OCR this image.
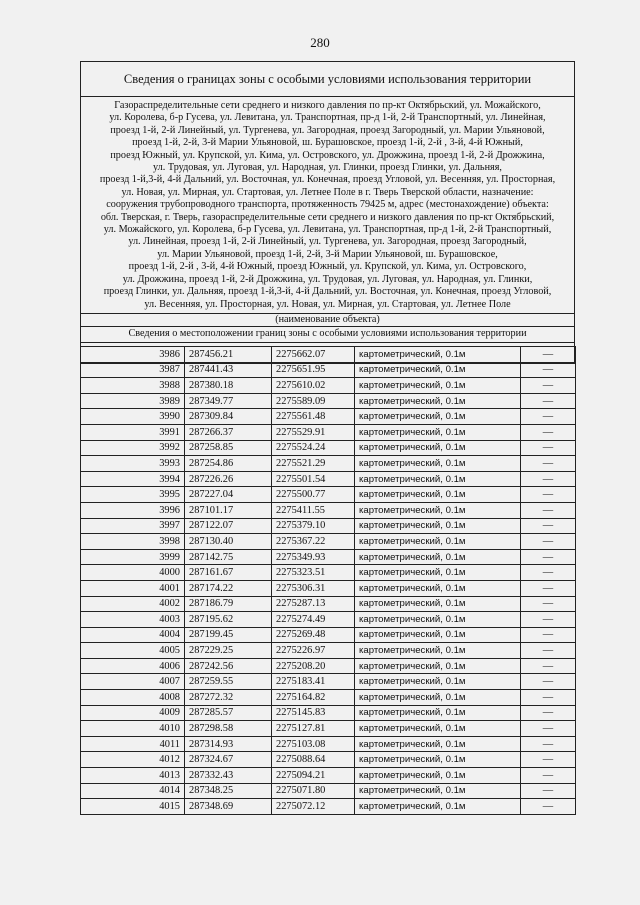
280
Сведения о границах зоны с особыми условиями использования территории
Газораспределительные сети среднего и низкого давления по пр-кт Октябрьский, ул. Можайского,
ул. Королева, б-р Гусева, ул. Левитана, ул. Транспортная, пр-д 1-й, 2-й Транспортный, ул. Линейная,
проезд 1-й, 2-й Линейный, ул. Тургенева, ул. Загородная, проезд Загородный, ул. Марии Ульяновой,
проезд 1-й, 2-й, 3-й Марии Ульяновой, ш. Бурашовское, проезд 1-й, 2-й , 3-й, 4-й Южный,
проезд Южный, ул. Крупской, ул. Кима, ул. Островского, ул. Дрожжина, проезд 1-й, 2-й Дрожжина,
ул. Трудовая, ул. Луговая, ул. Народная, ул. Глинки, проезд Глинки, ул. Дальняя,
проезд 1-й,3-й, 4-й Дальний, ул. Восточная, ул. Конечная, проезд Угловой, ул. Весенняя, ул. Просторная,
ул. Новая, ул. Мирная, ул. Стартовая, ул. Летнее Поле в г. Тверь Тверской области, назначение:
сооружения трубопроводного транспорта, протяженность 79425 м, адрес (местонахождение) объекта:
обл. Тверская, г. Тверь, газораспределительные сети среднего и низкого давления по пр-кт Октябрьский,
ул. Можайского, ул. Королева, б-р Гусева, ул. Левитана, ул. Транспортная, пр-д 1-й, 2-й Транспортный,
ул. Линейная, проезд 1-й, 2-й Линейный, ул. Тургенева, ул. Загородная, проезд Загородный,
ул. Марии Ульяновой, проезд 1-й, 2-й, 3-й Марии Ульяновой, ш. Бурашовское,
проезд 1-й, 2-й , 3-й, 4-й Южный, проезд Южный, ул. Крупской, ул. Кима, ул. Островского,
ул. Дрожжина, проезд 1-й, 2-й Дрожжина, ул. Трудовая, ул. Луговая, ул. Народная, ул. Глинки,
проезд Глинки, ул. Дальняя, проезд 1-й,3-й, 4-й Дальний, ул. Восточная, ул. Конечная, проезд Угловой,
ул. Весенняя, ул. Просторная, ул. Новая, ул. Мирная, ул. Стартовая, ул. Летнее Поле
(наименование объекта)
Сведения о местоположении границ зоны с особыми условиями использования территории
3986	287456.21	2275662.07	картометрический, 0.1м	—
3987	287441.43	2275651.95	картометрический, 0.1м	—
3988	287380.18	2275610.02	картометрический, 0.1м	—
3989	287349.77	2275589.09	картометрический, 0.1м	—
3990	287309.84	2275561.48	картометрический, 0.1м	—
3991	287266.37	2275529.91	картометрический, 0.1м	—
3992	287258.85	2275524.24	картометрический, 0.1м	—
3993	287254.86	2275521.29	картометрический, 0.1м	—
3994	287226.26	2275501.54	картометрический, 0.1м	—
3995	287227.04	2275500.77	картометрический, 0.1м	—
3996	287101.17	2275411.55	картометрический, 0.1м	—
3997	287122.07	2275379.10	картометрический, 0.1м	—
3998	287130.40	2275367.22	картометрический, 0.1м	—
3999	287142.75	2275349.93	картометрический, 0.1м	—
4000	287161.67	2275323.51	картометрический, 0.1м	—
4001	287174.22	2275306.31	картометрический, 0.1м	—
4002	287186.79	2275287.13	картометрический, 0.1м	—
4003	287195.62	2275274.49	картометрический, 0.1м	—
4004	287199.45	2275269.48	картометрический, 0.1м	—
4005	287229.25	2275226.97	картометрический, 0.1м	—
4006	287242.56	2275208.20	картометрический, 0.1м	—
4007	287259.55	2275183.41	картометрический, 0.1м	—
4008	287272.32	2275164.82	картометрический, 0.1м	—
4009	287285.57	2275145.83	картометрический, 0.1м	—
4010	287298.58	2275127.81	картометрический, 0.1м	—
4011	287314.93	2275103.08	картометрический, 0.1м	—
4012	287324.67	2275088.64	картометрический, 0.1м	—
4013	287332.43	2275094.21	картометрический, 0.1м	—
4014	287348.25	2275071.80	картометрический, 0.1м	—
4015	287348.69	2275072.12	картометрический, 0.1м	—
